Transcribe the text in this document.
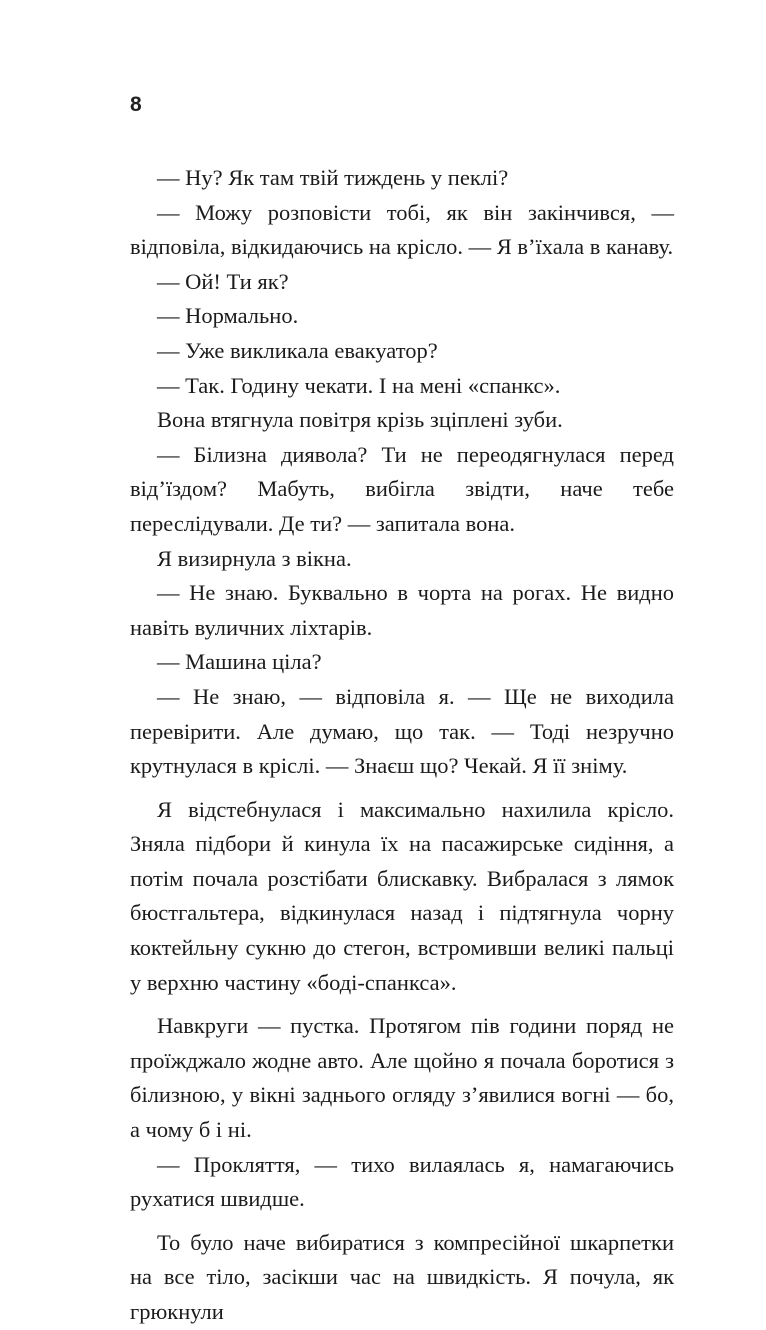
8

— Ну? Як там твій тиждень у пеклі?

— Можу розповісти тобі, як він закінчився, — відповіла, відкидаючись на крісло. — Я в’їхала в канаву.

— Ой! Ти як?

— Нормально.

— Уже викликала евакуатор?

— Так. Годину чекати. І на мені «спанкс».

Вона втягнула повітря крізь зціплені зуби.

— Білизна диявола? Ти не переодягнулася перед від’їздом? Мабуть, вибігла звідти, наче тебе переслідували. Де ти? — запитала вона.

Я визирнула з вікна.

— Не знаю. Буквально в чорта на рогах. Не видно навіть вуличних ліхтарів.

— Машина ціла?

— Не знаю, — відповіла я. — Ще не виходила перевірити. Але думаю, що так. — Тоді незручно крутнулася в кріслі. — Знаєш що? Чекай. Я її зніму.

Я відстебнулася і максимально нахилила крісло. Зняла підбори й кинула їх на пасажирське сидіння, а потім почала розстібати блискавку. Вибралася з лямок бюстгальтера, відкинулася назад і підтягнула чорну коктейльну сукню до стегон, встромивши великі пальці у верхню частину «боді-спанкса».

Навкруги — пустка. Протягом пів години поряд не проїжджало жодне авто. Але щойно я почала боротися з білизною, у вікні заднього огляду з’явилися вогні — бо, а чому б і ні.

— Прокляття, — тихо вилаялась я, намагаючись рухатися швидше.

То було наче вибиратися з компресійної шкарпетки на все тіло, засікши час на швидкість. Я почула, як грюкнули
